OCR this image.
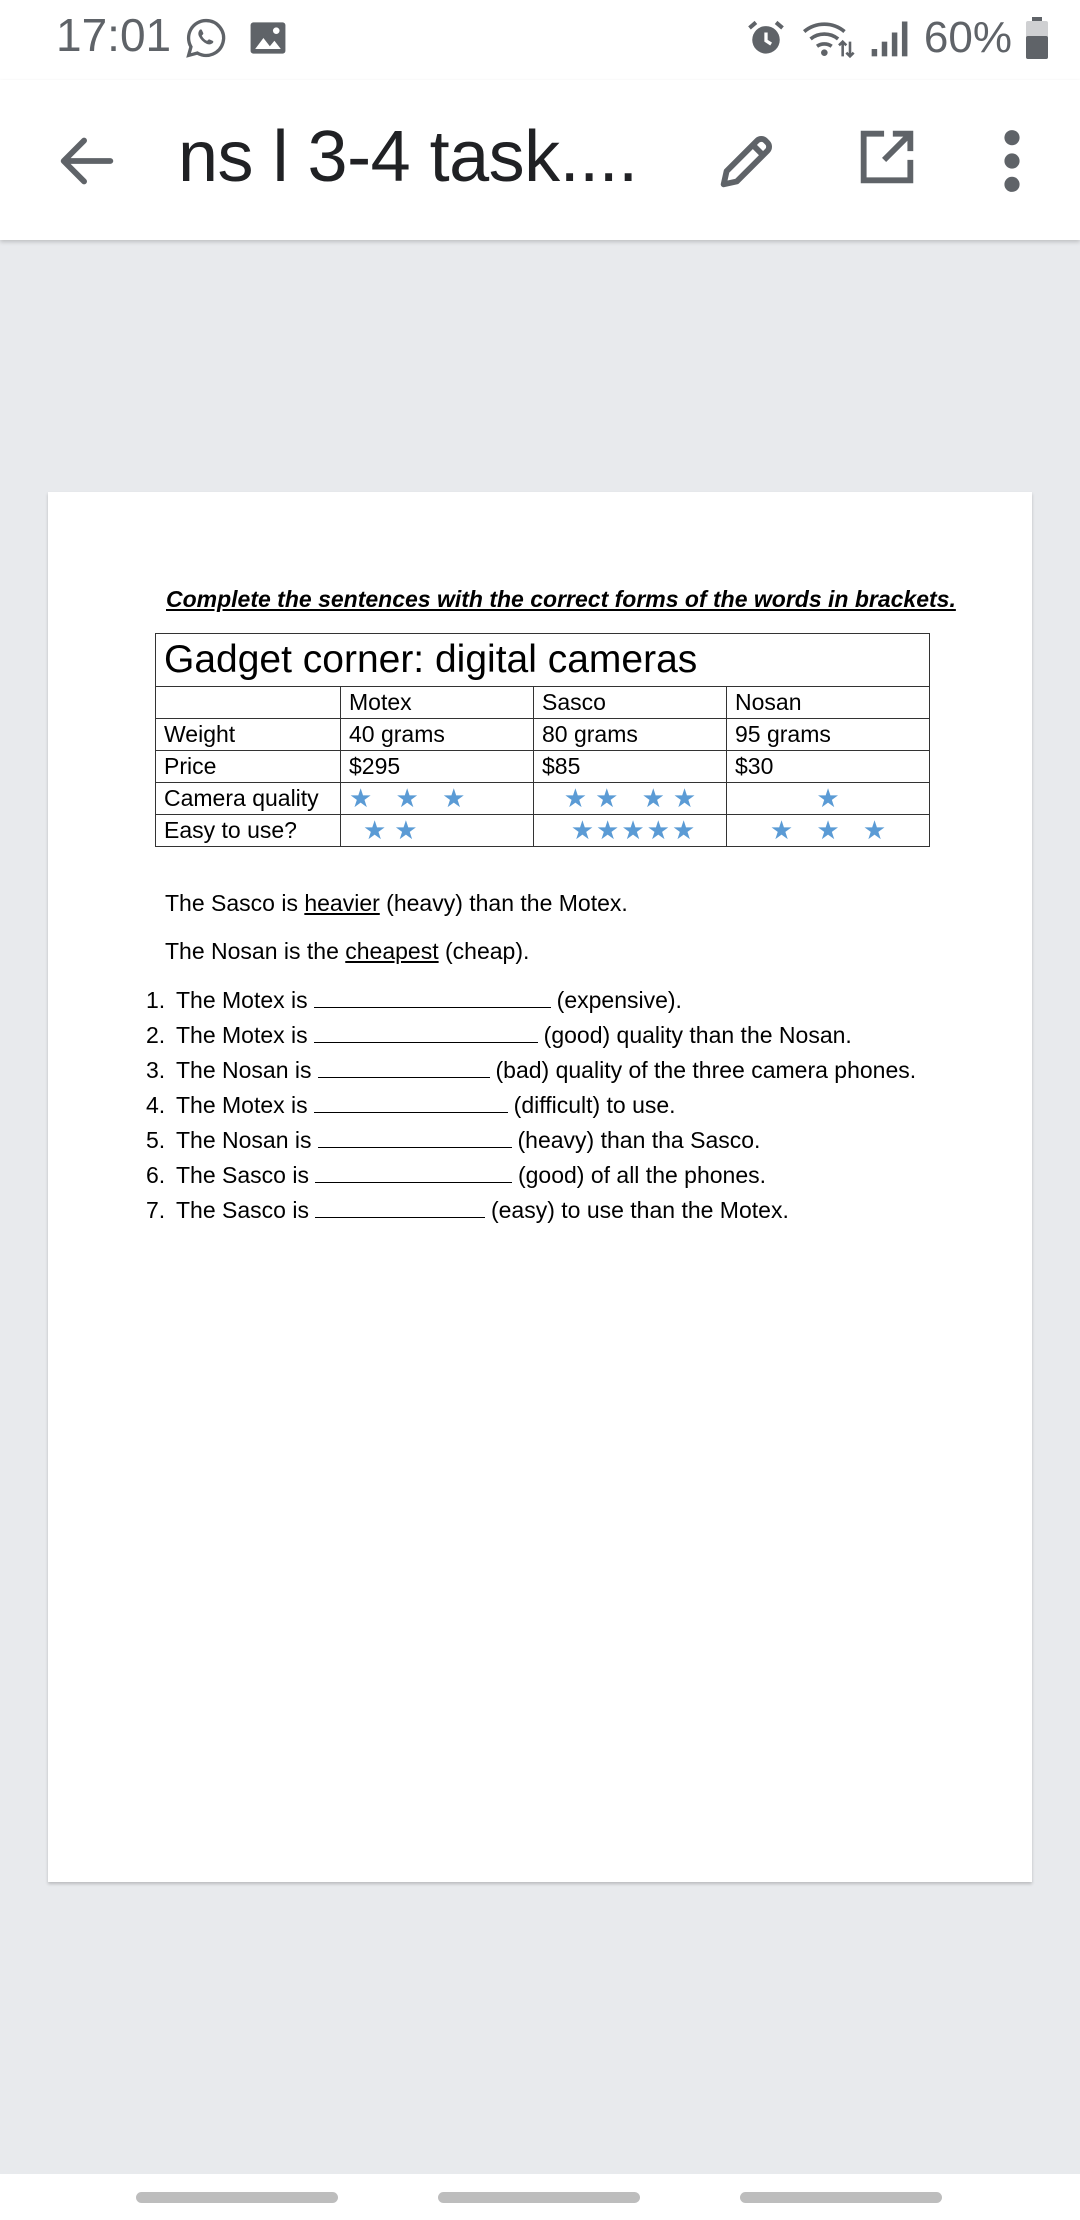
17:01	60%
ns l 3-4 task....
Complete the sentences with the correct forms of the words in brackets.
Gadget corner: digital cameras			
	Motex	Sasco	Nosan
Weight	40 grams	80 grams	95 grams
Price	$295	$85	$30
Camera quality	★ ★ ★	★★ ★★	★
Easy to use?	★★	★★★★★	★ ★ ★
The Sasco is heavier (heavy) than the Motex.
The Nosan is the cheapest (cheap).
1. The Motex is	(expensive).
2. The Motex is	(good) quality than the Nosan.
3. The Nosan is	(bad) quality of the three camera phones.
4. The Motex is	(difficult) to use.
5. The Nosan is	(heavy) than tha Sasco.
6. The Sasco is	(good) of all the phones.
7. The Sasco is	(easy) to use than the Motex.
